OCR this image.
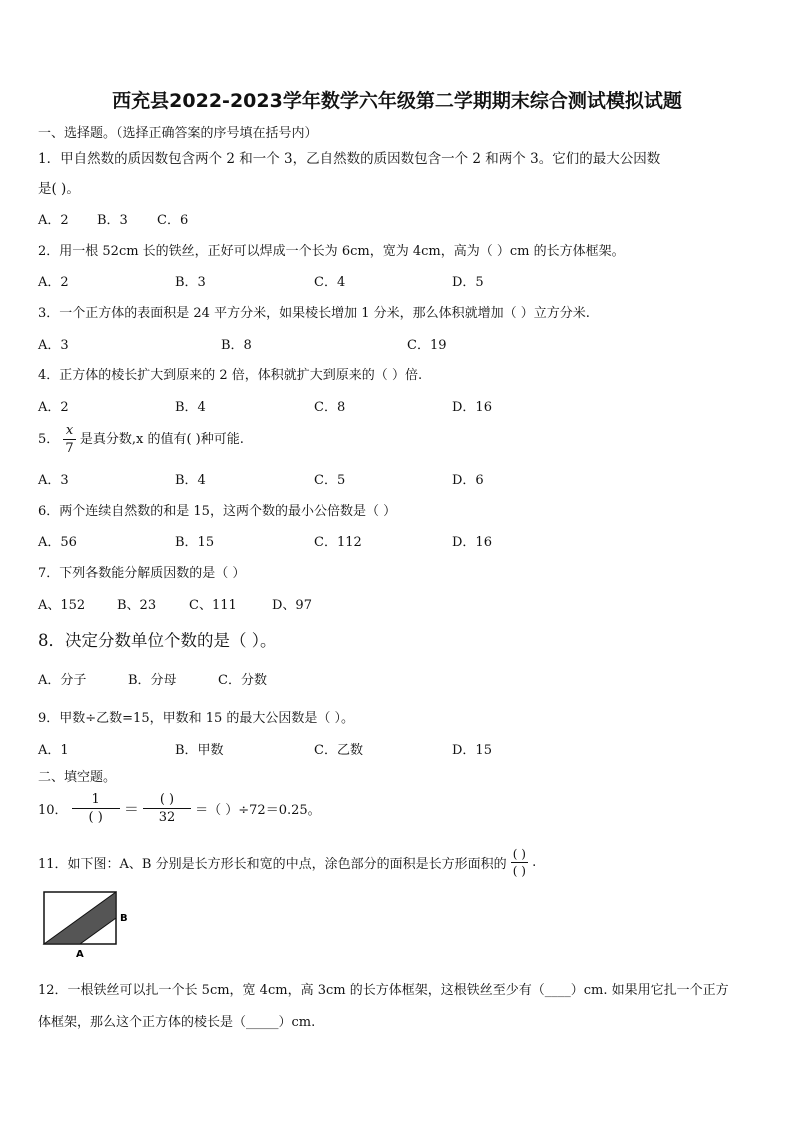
西充县2022-2023学年数学六年级第二学期期末综合测试模拟试题
一、选择题。（选择正确答案的序号填在括号内）
1．甲自然数的质因数包含两个 2 和一个 3，乙自然数的质因数包含一个 2 和两个 3。它们的最大公因数
是( )。
A．2 B．3 C．6
2．用一根 52cm 长的铁丝，正好可以焊成一个长为 6cm，宽为 4cm，高为（ ）cm 的长方体框架。
A．2	B．3	C．4	D．5
3．一个正方体的表面积是 24 平方分米，如果棱长增加 1 分米，那么体积就增加（ ）立方分米.
A．3	B．8	C．19
4．正方体的棱长扩大到原来的 2 倍，体积就扩大到原来的（ ）倍.
A．2	B．4	C．8	D．16
5． $\frac{x}{7}$ 是真分数,x 的值有( )种可能.
A．3	B．4	C．5	D．6
6．两个连续自然数的和是 15，这两个数的最小公倍数是（ ）
A．56	B．15	C．112	D．16
7．下列各数能分解质因数的是（ ）
A、152 B、23	C、111	D、97
8．决定分数单位个数的是（ ）。
A．分子	B．分母	C．分数
9．甲数÷乙数=15，甲数和 15 的最大公因数是（ ）。
A．1	B．甲数	C．乙数	D．15
二、填空题。
10． $\frac{1}{( )} = \frac{( )}{32}$ ＝（ ）÷72＝0.25。
11．如下图：A、B 分别是长方形长和宽的中点，涂色部分的面积是长方形面积的 $\frac{( )}{( )}$ .
B
A
12．一根铁丝可以扎一个长 5cm，宽 4cm，高 3cm 的长方体框架，这根铁丝至少有（____）cm. 如果用它扎一个正方
体框架，那么这个正方体的棱长是（_____）cm.
